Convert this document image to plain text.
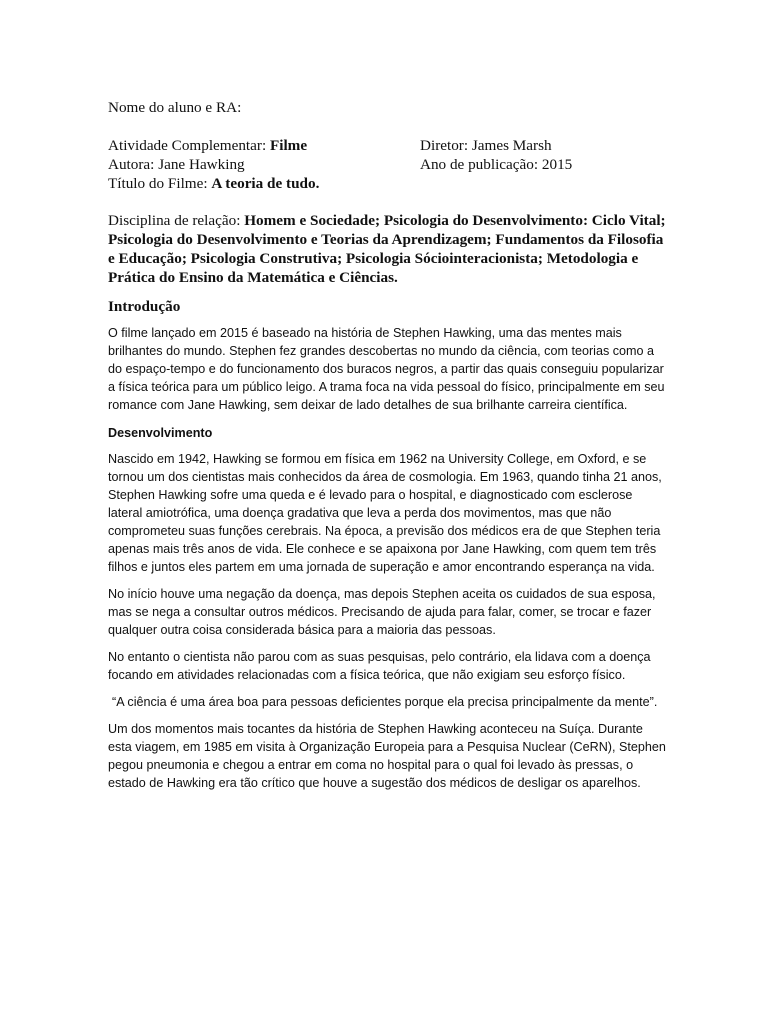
Nome do aluno e RA:
Atividade Complementar: Filme	Diretor: James Marsh
Autora: Jane Hawking	Ano de publicação: 2015
Título do Filme: A teoria de tudo.

Disciplina de relação: Homem e Sociedade; Psicologia do Desenvolvimento: Ciclo Vital; Psicologia do Desenvolvimento e Teorias da Aprendizagem; Fundamentos da Filosofia e Educação; Psicologia Construtiva; Psicologia Sóciointeracionista; Metodologia e Prática do Ensino da Matemática e Ciências.

Introdução

O filme lançado em 2015 é baseado na história de Stephen Hawking, uma das mentes mais brilhantes do mundo. Stephen fez grandes descobertas no mundo da ciência, com teorias como a do espaço-tempo e do funcionamento dos buracos negros, a partir das quais conseguiu popularizar a física teórica para um público leigo. A trama foca na vida pessoal do físico, principalmente em seu romance com Jane Hawking, sem deixar de lado detalhes de sua brilhante carreira científica.

Desenvolvimento

Nascido em 1942, Hawking se formou em física em 1962 na University College, em Oxford, e se tornou um dos cientistas mais conhecidos da área de cosmologia. Em 1963, quando tinha 21 anos, Stephen Hawking sofre uma queda e é levado para o hospital, e diagnosticado com esclerose lateral amiotrófica, uma doença gradativa que leva a perda dos movimentos, mas que não comprometeu suas funções cerebrais. Na época, a previsão dos médicos era de que Stephen teria apenas mais três anos de vida. Ele conhece e se apaixona por Jane Hawking, com quem tem três filhos e juntos eles partem em uma jornada de superação e amor encontrando esperança na vida.

No início houve uma negação da doença, mas depois Stephen aceita os cuidados de sua esposa, mas se nega a consultar outros médicos. Precisando de ajuda para falar, comer, se trocar e fazer qualquer outra coisa considerada básica para a maioria das pessoas.

No entanto o cientista não parou com as suas pesquisas, pelo contrário, ela lidava com a doença focando em atividades relacionadas com a física teórica, que não exigiam seu esforço físico.

“A ciência é uma área boa para pessoas deficientes porque ela precisa principalmente da mente”.

Um dos momentos mais tocantes da história de Stephen Hawking aconteceu na Suíça. Durante esta viagem, em 1985 em visita à Organização Europeia para a Pesquisa Nuclear (CeRN), Stephen pegou pneumonia e chegou a entrar em coma no hospital para o qual foi levado às pressas, o estado de Hawking era tão crítico que houve a sugestão dos médicos de desligar os aparelhos.
